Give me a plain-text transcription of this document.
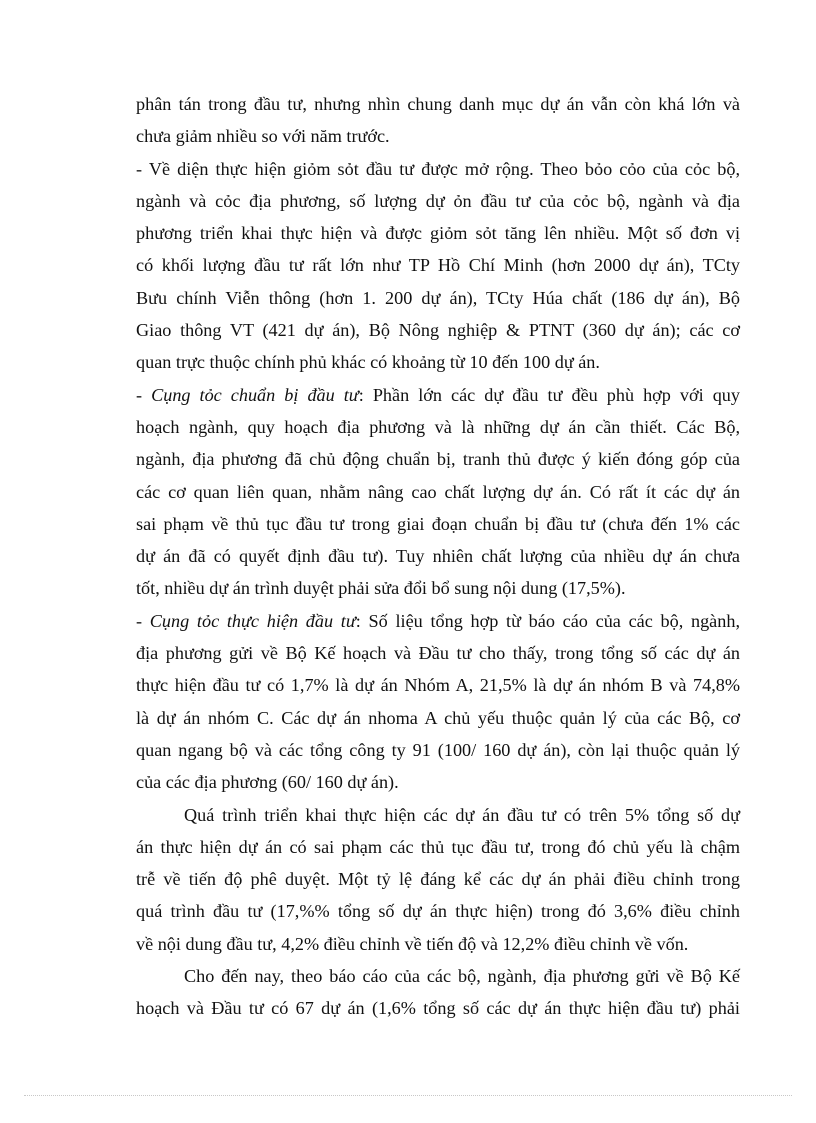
phân tán trong đầu tư, nhưng nhìn chung danh mục dự án vẫn còn khá lớn và
chưa giảm nhiều so với năm trước.
- Về diện thực hiện giỏm sỏt đầu tư được mở rộng. Theo bỏo cỏo của cỏc bộ,
ngành và cỏc địa phương, số lượng dự ỏn đầu tư của cỏc bộ, ngành và địa
phương triển khai thực hiện và được giỏm sỏt tăng lên nhiều. Một số đơn vị
có khối lượng đầu tư rất lớn như TP Hồ Chí Minh (hơn 2000 dự án), TCty
Bưu chính Viễn thông (hơn 1. 200 dự án), TCty Húa chất (186 dự án), Bộ
Giao thông VT (421 dự án), Bộ Nông nghiệp & PTNT (360 dự án); các cơ
quan trực thuộc chính phủ khác có khoảng từ 10 đến 100 dự án.
- Cụng tỏc chuẩn bị đầu tư: Phần lớn các dự đầu tư đều phù hợp với quy
hoạch ngành, quy hoạch địa phương và là những dự án cần thiết. Các Bộ,
ngành, địa phương đã chủ động chuẩn bị, tranh thủ được ý kiến đóng góp của
các cơ quan liên quan, nhằm nâng cao chất lượng dự án. Có rất ít các dự án
sai phạm về thủ tục đầu tư trong giai đoạn chuẩn bị đầu tư (chưa đến 1% các
dự án đã có quyết định đầu tư). Tuy nhiên chất lượng của nhiều dự án chưa
tốt, nhiều dự án trình duyệt phải sửa đổi bổ sung nội dung (17,5%).
- Cụng tỏc thực hiện đầu tư: Số liệu tổng hợp từ báo cáo của các bộ, ngành,
địa phương gửi về Bộ Kế hoạch và Đầu tư cho thấy, trong tổng số các dự án
thực hiện đầu tư có 1,7% là dự án Nhóm A, 21,5% là dự án nhóm B và 74,8%
là dự án nhóm C. Các dự án nhoma A chủ yếu thuộc quản lý của các Bộ, cơ
quan ngang bộ và các tổng công ty 91 (100/ 160 dự án), còn lại thuộc quản lý
của các địa phương (60/ 160 dự án).
Quá trình triển khai thực hiện các dự án đầu tư có trên 5% tổng số dự
án thực hiện dự án có sai phạm các thủ tục đầu tư, trong đó chủ yếu là chậm
trễ về tiến độ phê duyệt. Một tỷ lệ đáng kể các dự án phải điều chỉnh trong
quá trình đầu tư (17,%% tổng số dự án thực hiện) trong đó 3,6% điều chỉnh
về nội dung đầu tư, 4,2% điều chỉnh về tiến độ và 12,2% điều chỉnh về vốn.
Cho đến nay, theo báo cáo của các bộ, ngành, địa phương gửi về Bộ Kế
hoạch và Đầu tư có 67 dự án (1,6% tổng số các dự án thực hiện đầu tư) phải
